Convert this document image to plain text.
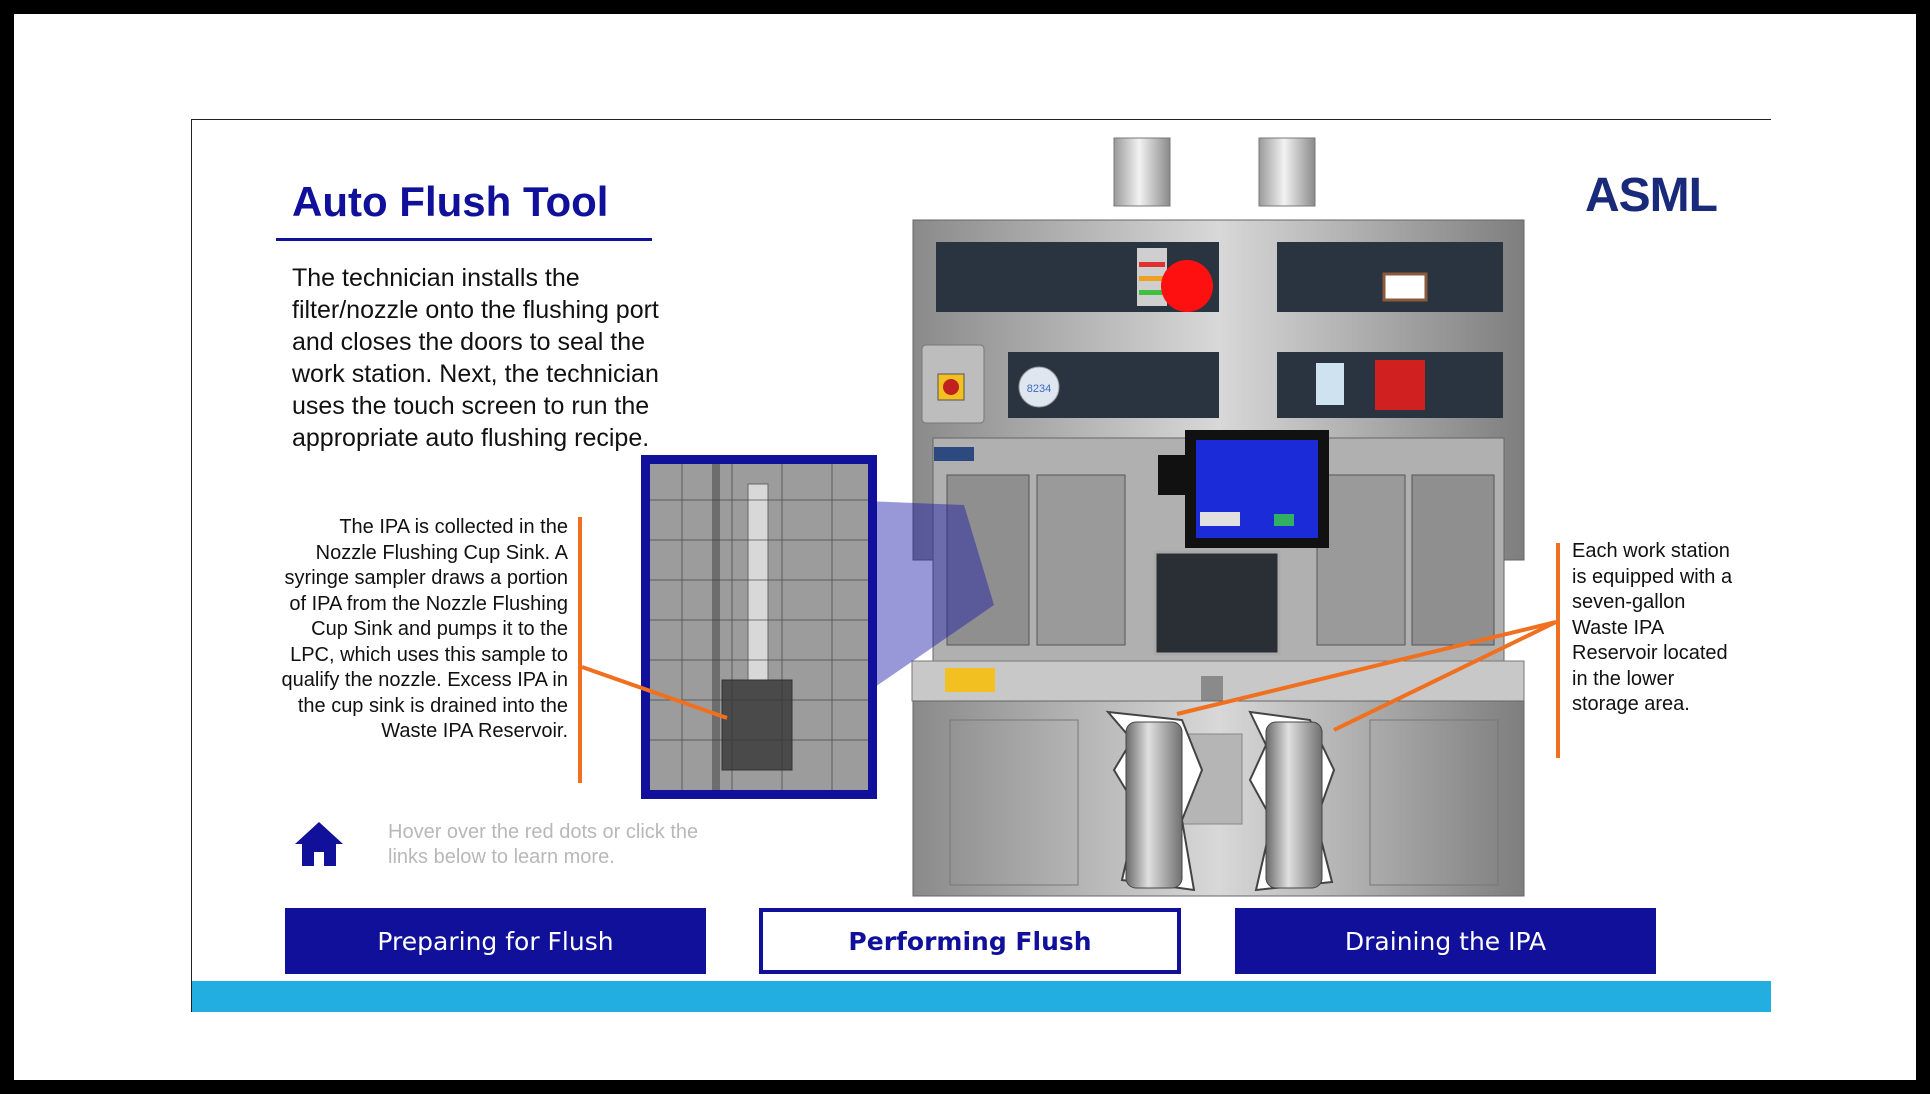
Auto Flush Tool
The technician installs the filter/nozzle onto the flushing port and closes the doors to seal the work station. Next, the technician uses the touch screen to run the appropriate auto flushing recipe.
The IPA is collected in the Nozzle Flushing Cup Sink. A syringe sampler draws a portion of IPA from the Nozzle Flushing Cup Sink and pumps it to the LPC, which uses this sample to qualify the nozzle. Excess IPA in the cup sink is drained into the Waste IPA Reservoir.
Each work station is equipped with a seven-gallon Waste IPA Reservoir located in the lower storage area.
ASML
8234
Hover over the red dots or click the links below to learn more.
Preparing for Flush	Performing Flush	Draining the IPA
